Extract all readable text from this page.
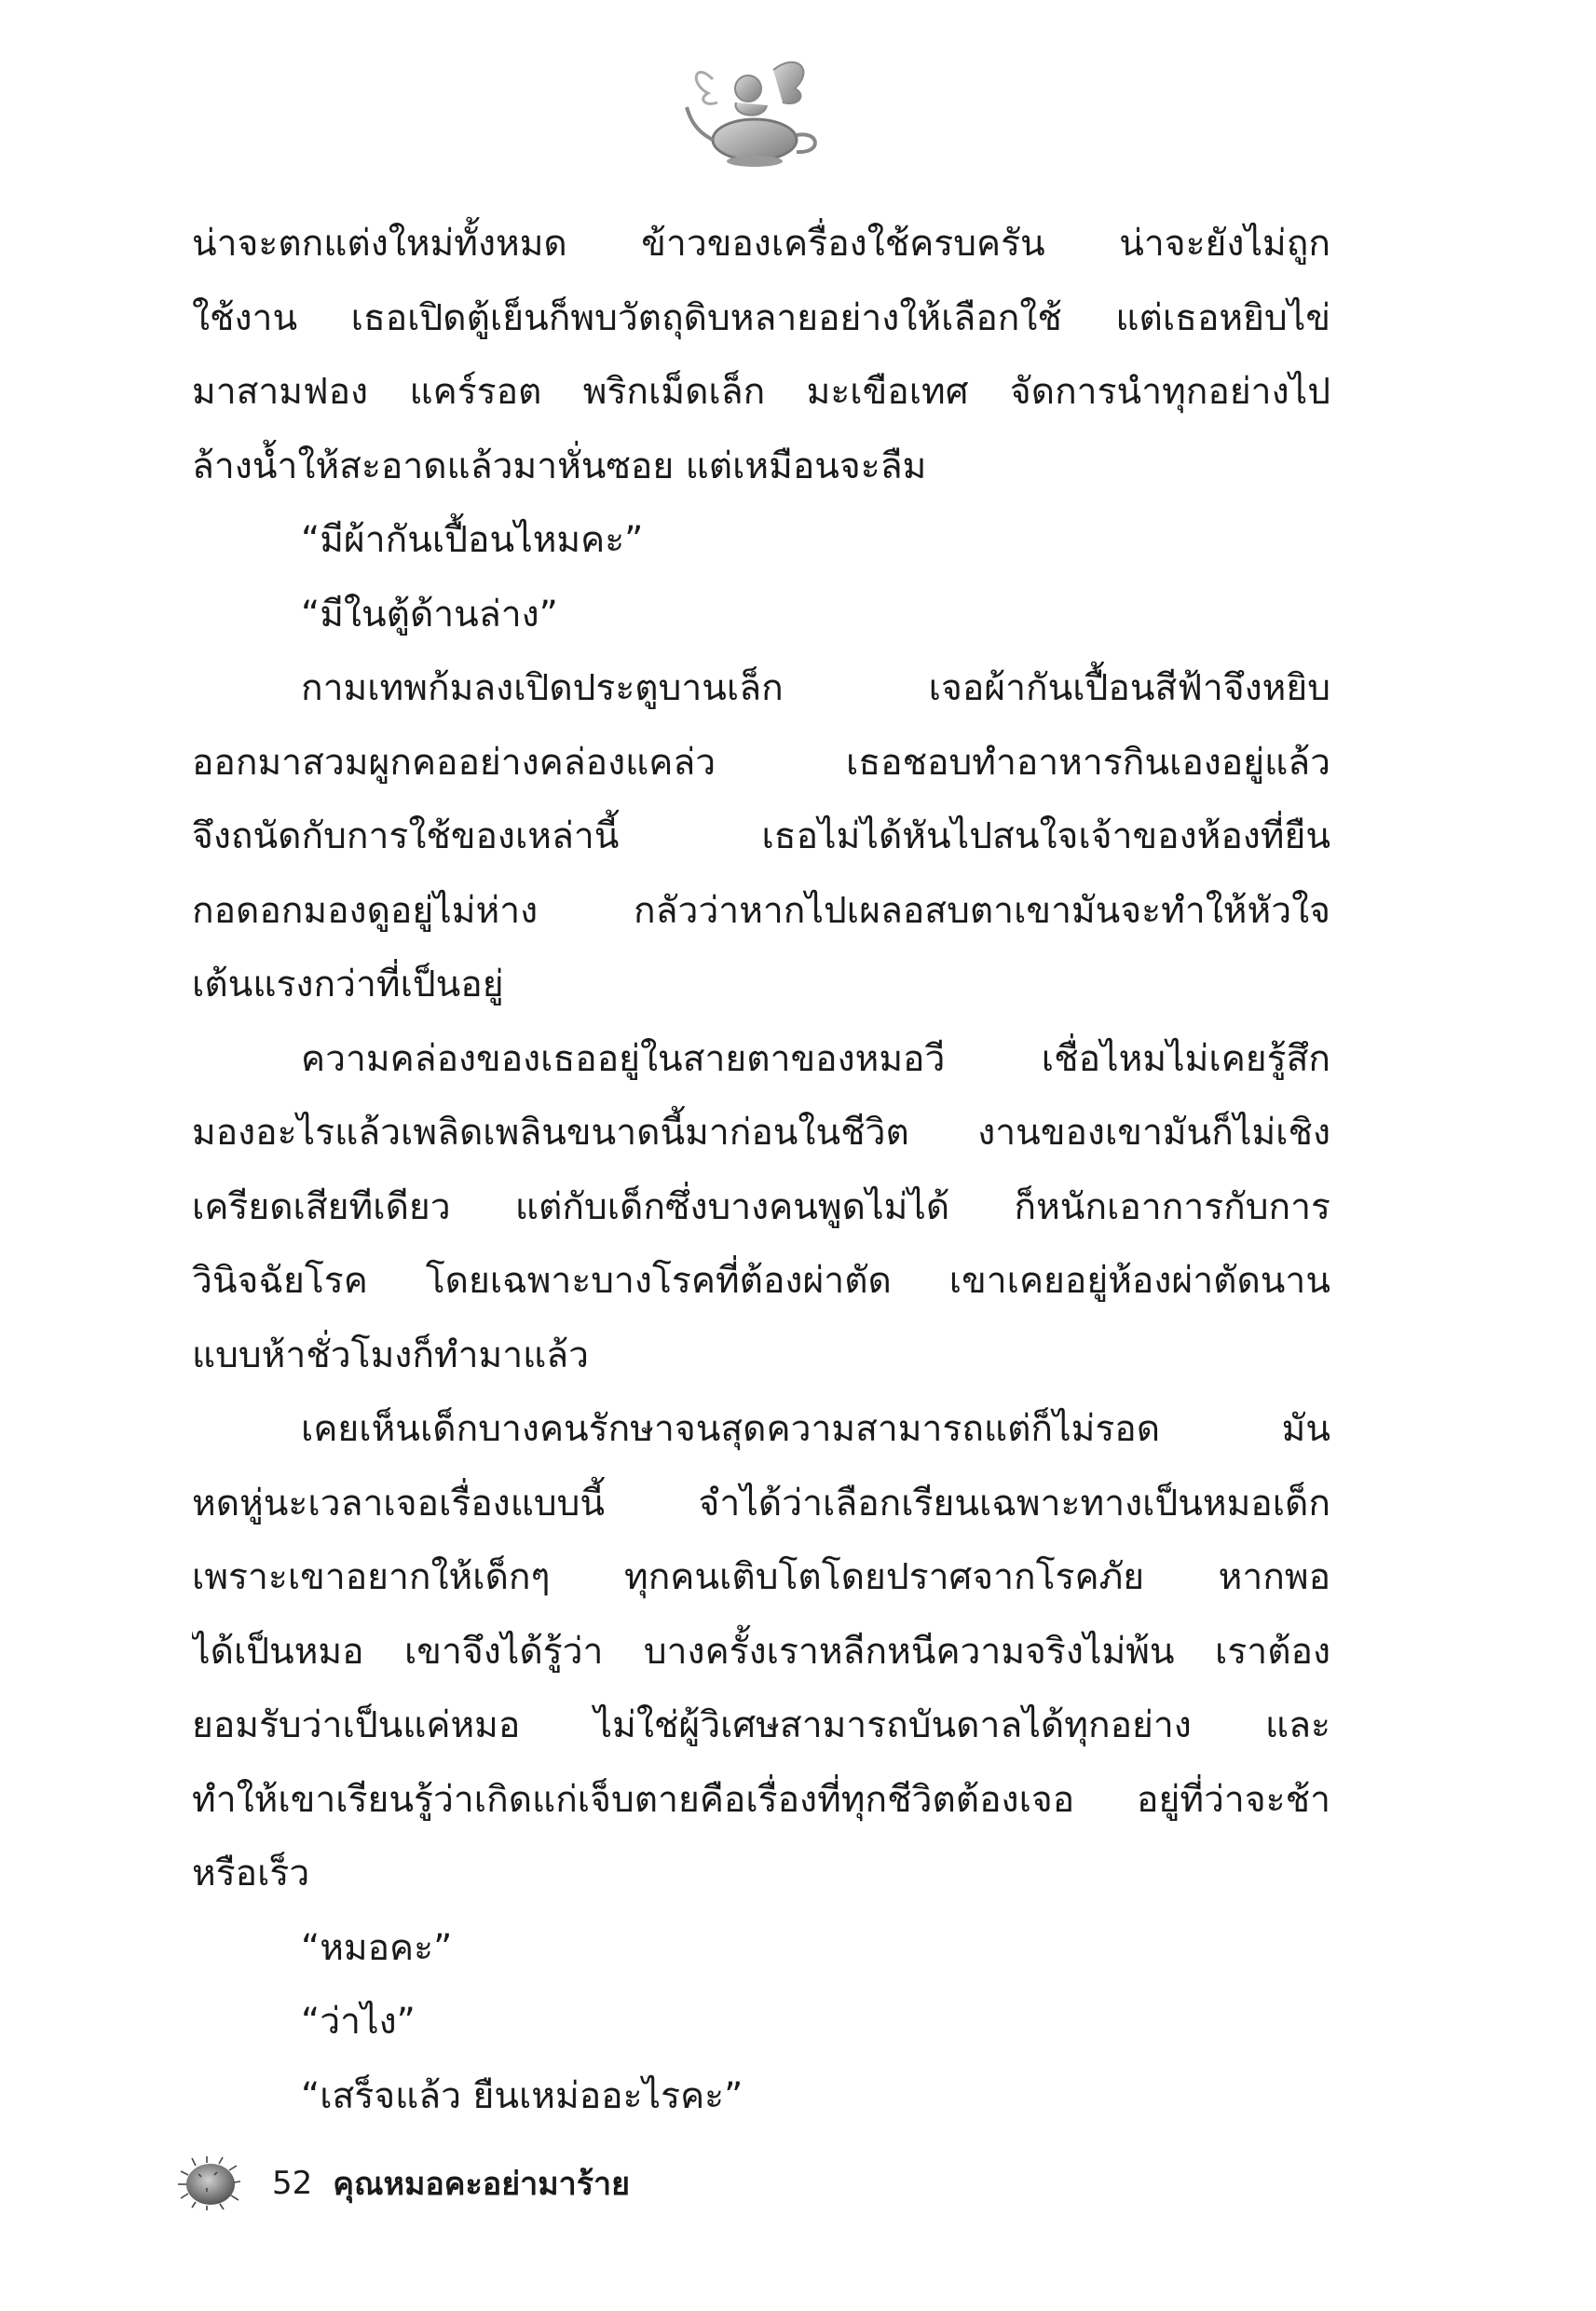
น่าจะตกแต่งใหม่ทั้งหมด ข้าวของเครื่องใช้ครบครัน น่าจะยังไม่ถูก

ใช้งาน เธอเปิดตู้เย็นก็พบวัตถุดิบหลายอย่างให้เลือกใช้ แต่เธอหยิบไข่

มาสามฟอง แคร์รอต พริกเม็ดเล็ก มะเขือเทศ จัดการนำทุกอย่างไป

ล้างน้ำให้สะอาดแล้วมาหั่นซอย แต่เหมือนจะลืม

“มีผ้ากันเปื้อนไหมคะ”

“มีในตู้ด้านล่าง”

กามเทพก้มลงเปิดประตูบานเล็ก เจอผ้ากันเปื้อนสีฟ้าจึงหยิบ

ออกมาสวมผูกคออย่างคล่องแคล่ว เธอชอบทำอาหารกินเองอยู่แล้ว

จึงถนัดกับการใช้ของเหล่านี้ เธอไม่ได้หันไปสนใจเจ้าของห้องที่ยืน

กอดอกมองดูอยู่ไม่ห่าง กลัวว่าหากไปเผลอสบตาเขามันจะทำให้หัวใจ

เต้นแรงกว่าที่เป็นอยู่

ความคล่องของเธออยู่ในสายตาของหมอวี เชื่อไหมไม่เคยรู้สึก

มองอะไรแล้วเพลิดเพลินขนาดนี้มาก่อนในชีวิต งานของเขามันก็ไม่เชิง

เครียดเสียทีเดียว แต่กับเด็กซึ่งบางคนพูดไม่ได้ ก็หนักเอาการกับการ

วินิจฉัยโรค โดยเฉพาะบางโรคที่ต้องผ่าตัด เขาเคยอยู่ห้องผ่าตัดนาน

แบบห้าชั่วโมงก็ทำมาแล้ว

เคยเห็นเด็กบางคนรักษาจนสุดความสามารถแต่ก็ไม่รอด มัน

หดหู่นะเวลาเจอเรื่องแบบนี้ จำได้ว่าเลือกเรียนเฉพาะทางเป็นหมอเด็ก

เพราะเขาอยากให้เด็กๆ ทุกคนเติบโตโดยปราศจากโรคภัย หากพอ

ได้เป็นหมอ เขาจึงได้รู้ว่า บางครั้งเราหลีกหนีความจริงไม่พ้น เราต้อง

ยอมรับว่าเป็นแค่หมอ ไม่ใช่ผู้วิเศษสามารถบันดาลได้ทุกอย่าง และ

ทำให้เขาเรียนรู้ว่าเกิดแก่เจ็บตายคือเรื่องที่ทุกชีวิตต้องเจอ อยู่ที่ว่าจะช้า

หรือเร็ว

“หมอคะ”

“ว่าไง”

“เสร็จแล้ว ยืนเหม่ออะไรคะ”

52 คุณหมอคะอย่ามาร้าย
